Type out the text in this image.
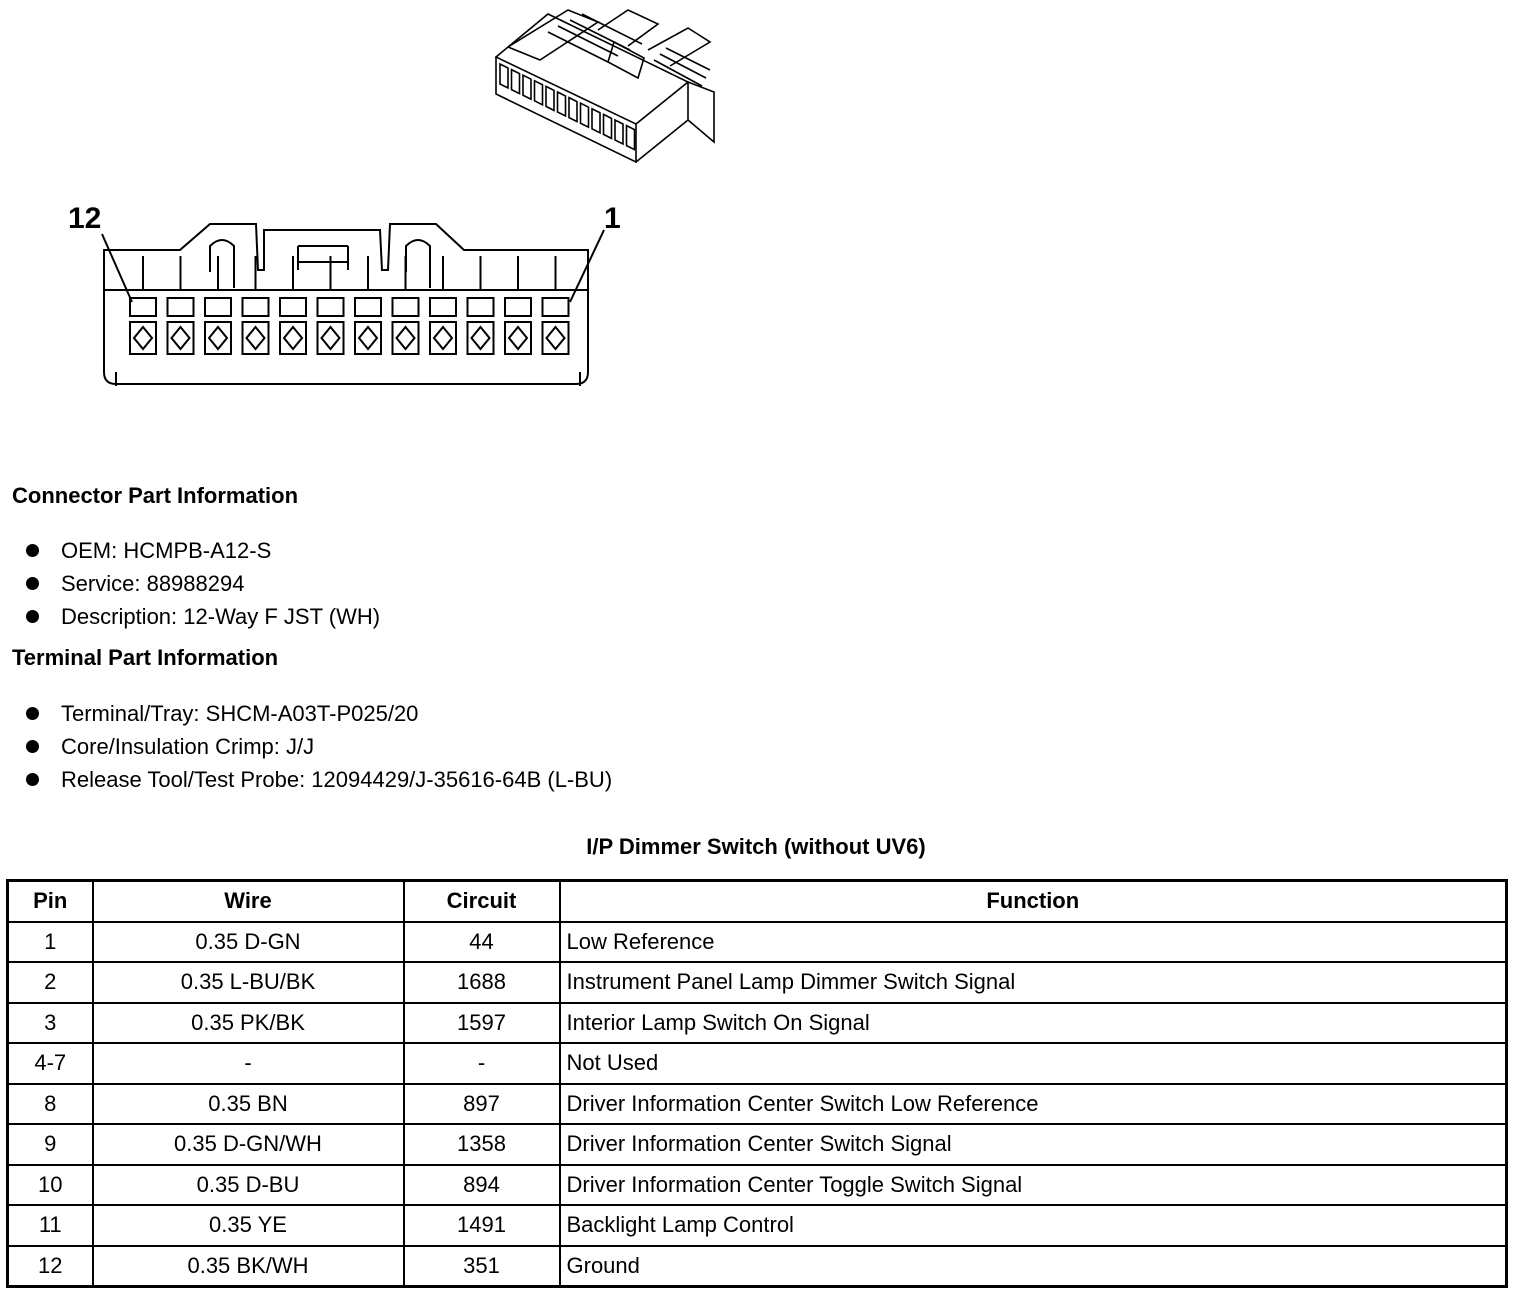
12	1
Connector Part Information
OEM: HCMPB-A12-S
Service: 88988294
Description: 12-Way F JST (WH)
Terminal Part Information
Terminal/Tray: SHCM-A03T-P025/20
Core/Insulation Crimp: J/J
Release Tool/Test Probe: 12094429/J-35616-64B (L-BU)
I/P Dimmer Switch (without UV6)
Pin	Wire	Circuit	Function
1	0.35 D-GN	44	Low Reference
2	0.35 L-BU/BK	1688	Instrument Panel Lamp Dimmer Switch Signal
3	0.35 PK/BK	1597	Interior Lamp Switch On Signal
4-7	-	-	Not Used
8	0.35 BN	897	Driver Information Center Switch Low Reference
9	0.35 D-GN/WH	1358	Driver Information Center Switch Signal
10	0.35 D-BU	894	Driver Information Center Toggle Switch Signal
11	0.35 YE	1491	Backlight Lamp Control
12	0.35 BK/WH	351	Ground
